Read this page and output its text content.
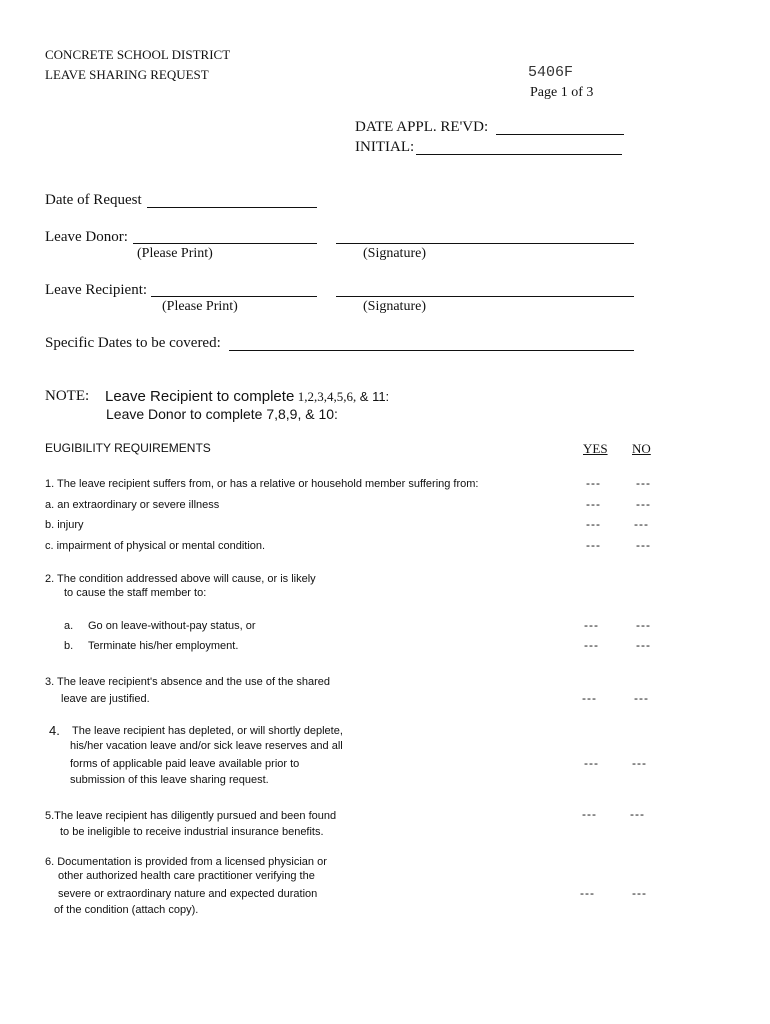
CONCRETE SCHOOL DISTRICT
LEAVE SHARING REQUEST	5406F
Page 1 of 3
DATE APPL. RE'VD:
INITIAL:
Date of Request
Leave Donor:
(Please Print)	(Signature)
Leave Recipient:
(Please Print)	(Signature)
Specific Dates to be covered:
NOTE: Leave Recipient to complete 1,2,3,4,5,6, & 11:
Leave Donor to complete 7,8,9, & 10:
EUGIBILITY REQUIREMENTS	YES NO
1. The leave recipient suffers from, or has a relative or household member suffering from:	---	---
a. an extraordinary or severe illness	---	---
b. injury	---	---
c. impairment of physical or mental condition.	---	---
2. The condition addressed above will cause, or is likely
to cause the staff member to:
a. Go on leave-without-pay status, or	---	---
b. Terminate his/her employment.	---	---
3. The leave recipient's absence and the use of the shared
leave are justified.	---	---
4. The leave recipient has depleted, or will shortly deplete,
his/her vacation leave and/or sick leave reserves and all
forms of applicable paid leave available prior to
submission of this leave sharing request.
---	---
5.The leave recipient has diligently pursued and been found
to be ineligible to receive industrial insurance benefits.
---	---
6. Documentation is provided from a licensed physician or
other authorized health care practitioner verifying the
severe or extraordinary nature and expected duration
of the condition (attach copy).
---	---
